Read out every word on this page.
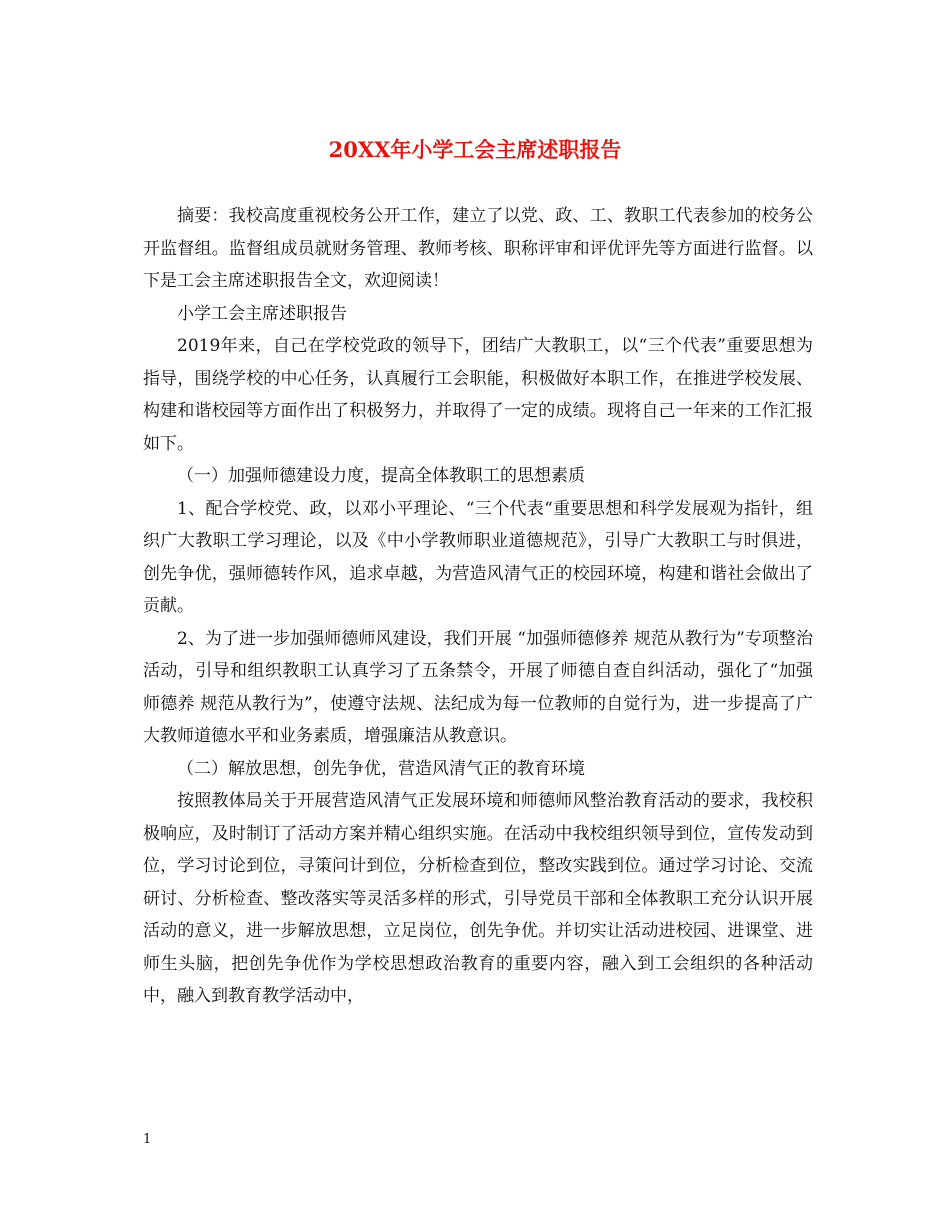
20XX年小学工会主席述职报告

摘要：我校高度重视校务公开工作，建立了以党、政、工、教职工代表参加的校务公开监督组。监督组成员就财务管理、教师考核、职称评审和评优评先等方面进行监督。以下是工会主席述职报告全文，欢迎阅读！

小学工会主席述职报告

2019年来，自己在学校党政的领导下，团结广大教职工，以“三个代表”重要思想为指导，围绕学校的中心任务，认真履行工会职能，积极做好本职工作，在推进学校发展、构建和谐校园等方面作出了积极努力，并取得了一定的成绩。现将自己一年来的工作汇报如下。

（一）加强师德建设力度，提高全体教职工的思想素质

1、配合学校党、政，以邓小平理论、“三个代表“重要思想和科学发展观为指针，组织广大教职工学习理论，以及《中小学教师职业道德规范》，引导广大教职工与时俱进，创先争优，强师德转作风，追求卓越，为营造风清气正的校园环境，构建和谐社会做出了贡献。

2、为了进一步加强师德师风建设，我们开展 “加强师德修养 规范从教行为”专项整治活动，引导和组织教职工认真学习了五条禁令，开展了师德自查自纠活动，强化了“加强师德养 规范从教行为”，使遵守法规、法纪成为每一位教师的自觉行为，进一步提高了广大教师道德水平和业务素质，增强廉洁从教意识。

（二）解放思想，创先争优，营造风清气正的教育环境

按照教体局关于开展营造风清气正发展环境和师德师风整治教育活动的要求，我校积极响应，及时制订了活动方案并精心组织实施。在活动中我校组织领导到位，宣传发动到位，学习讨论到位，寻策问计到位，分析检查到位，整改实践到位。通过学习讨论、交流研讨、分析检查、整改落实等灵活多样的形式，引导党员干部和全体教职工充分认识开展活动的意义，进一步解放思想，立足岗位，创先争优。并切实让活动进校园、进课堂、进师生头脑，把创先争优作为学校思想政治教育的重要内容，融入到工会组织的各种活动中，融入到教育教学活动中，

1
